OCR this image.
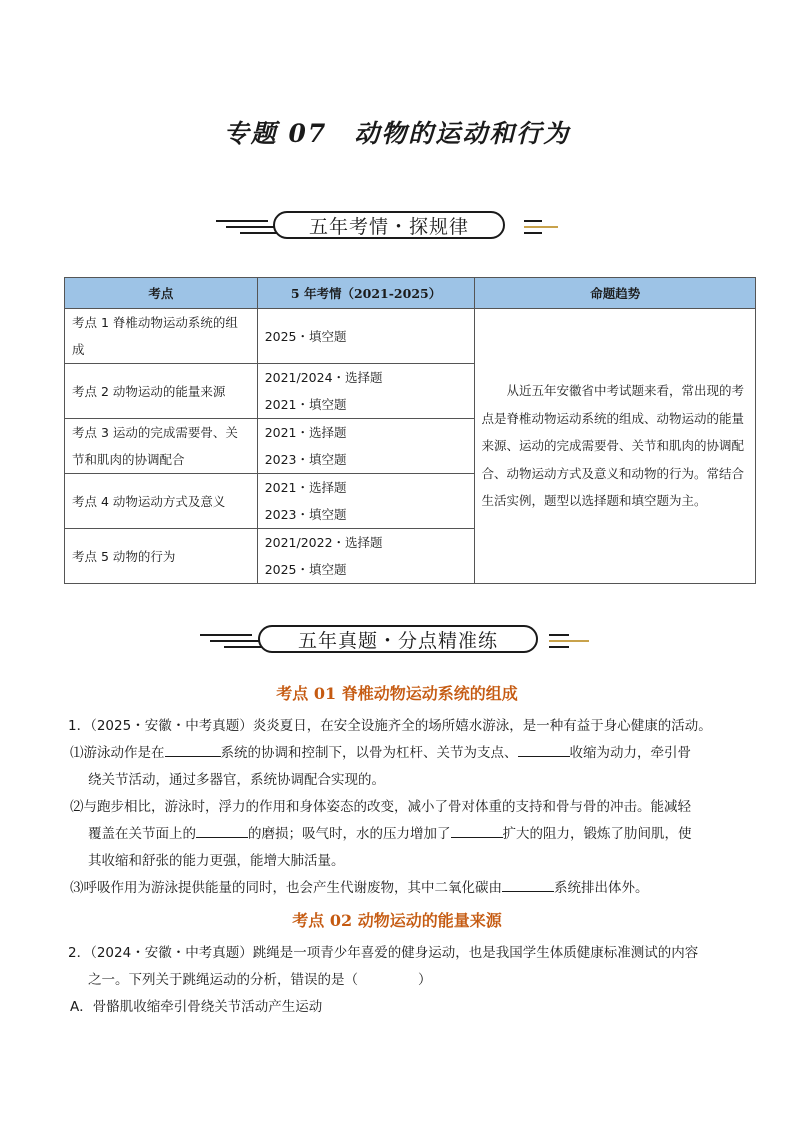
专题 07　动物的运动和行为
五年考情・探规律
考点	5 年考情（2021-2025）	命题趋势
考点 1 脊椎动物运动系统的组成	2025・填空题	从近五年安徽省中考试题来看，常出现的考点是脊椎动物运动系统的组成、动物运动的能量来源、运动的完成需要骨、关节和肌肉的协调配合、动物运动方式及意义和动物的行为。常结合生活实例，题型以选择题和填空题为主。
考点 2 动物运动的能量来源	2021/2024・选择题
2021・填空题	

考点 3 运动的完成需要骨、关节和肌肉的协调配合	2021・选择题
2023・填空题	

考点 4 动物运动方式及意义	2021・选择题
2023・填空题	

考点 5 动物的行为	2021/2022・选择题
2025・填空题	
五年真题・分点精准练
考点 01 脊椎动物运动系统的组成
1．（2025・安徽・中考真题）炎炎夏日，在安全设施齐全的场所嬉水游泳，是一种有益于身心健康的活动。
⑴游泳动作是在	系统的协调和控制下，以骨为杠杆、关节为支点、	收缩为动力，牵引骨
绕关节活动，通过多器官，系统协调配合实现的。
⑵与跑步相比，游泳时，浮力的作用和身体姿态的改变，减小了骨对体重的支持和骨与骨的冲击。能减轻
覆盖在关节面上的	的磨损；吸气时，水的压力增加了	扩大的阻力，锻炼了肋间肌，使
其收缩和舒张的能力更强，能增大肺活量。
⑶呼吸作用为游泳提供能量的同时，也会产生代谢废物，其中二氧化碳由	系统排出体外。
考点 02 动物运动的能量来源
2．（2024・安徽・中考真题）跳绳是一项青少年喜爱的健身运动，也是我国学生体质健康标准测试的内容
之一。下列关于跳绳运动的分析，错误的是（	）
A．骨骼肌收缩牵引骨绕关节活动产生运动
